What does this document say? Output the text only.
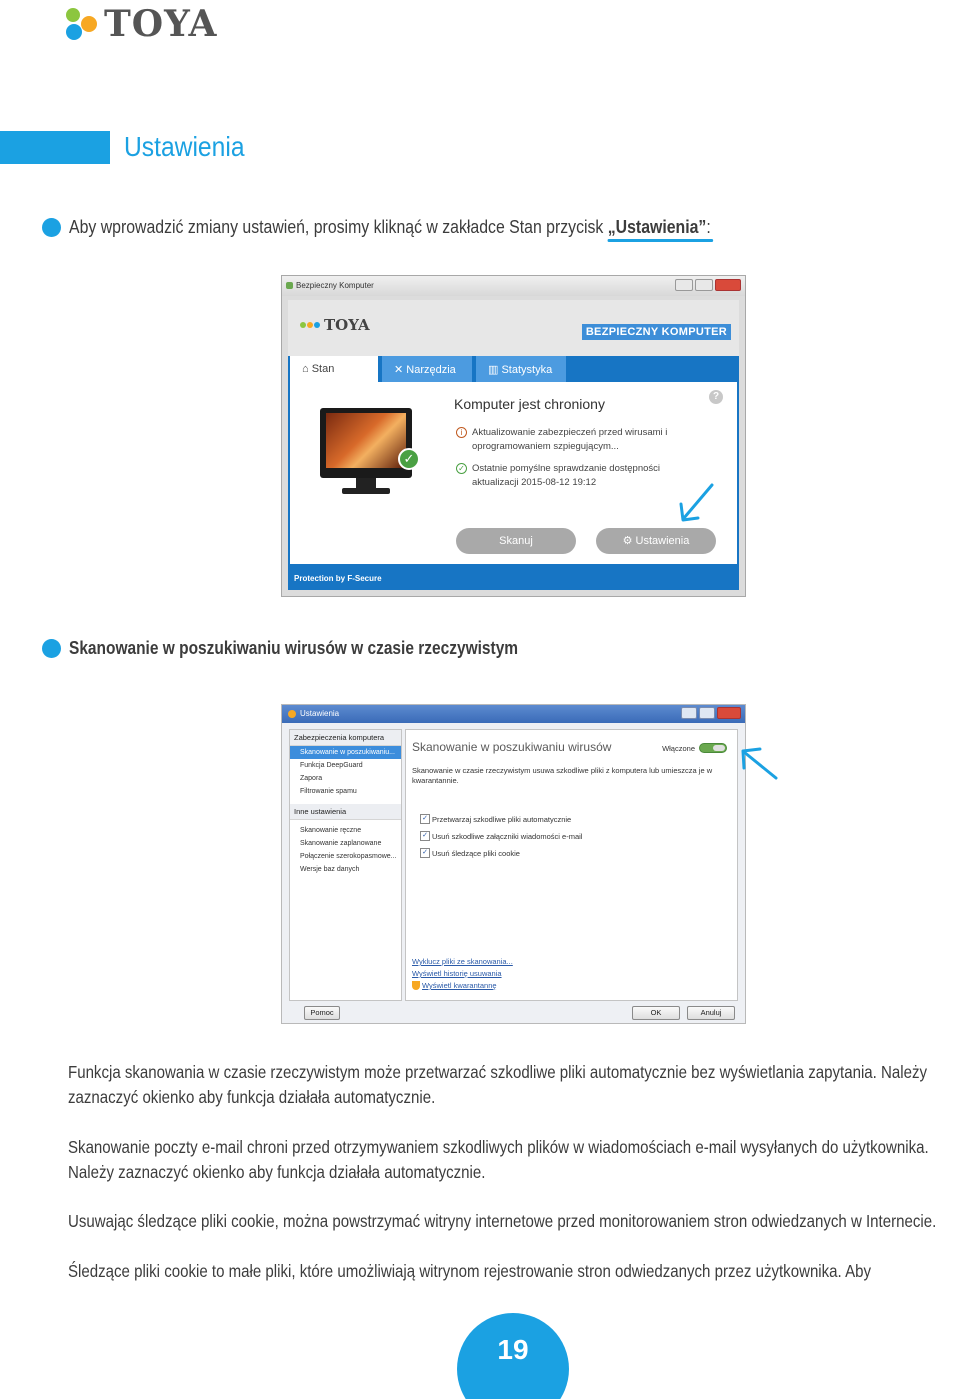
TOYA
Ustawienia
Aby wprowadzić zmiany ustawień, prosimy kliknąć w zakładce Stan przycisk „Ustawienia”:
Bezpieczny Komputer
TOYA	BEZPIECZNY KOMPUTER
⌂ Stan	✕ Narzędzia	▥ Statystyka
✓
Komputer jest chroniony	?
i	Aktualizowanie zabezpieczeń przed wirusami i oprogramowaniem szpiegującym...
✓ Ostatnie pomyślne sprawdzanie dostępności aktualizacji 2015-08-12 19:12
Skanuj	⚙ Ustawienia
Protection by F-Secure
Skanowanie w poszukiwaniu wirusów w czasie rzeczywistym
Ustawienia
Zabezpieczenia komputera
Skanowanie w poszukiwaniu...
Funkcja DeepGuard
Zapora
Filtrowanie spamu
Inne ustawienia
Skanowanie ręczne
Skanowanie zaplanowane
Połączenie szerokopasmowe...
Wersje baz danych
Skanowanie w poszukiwaniu wirusów	Włączone
Skanowanie w czasie rzeczywistym usuwa szkodliwe pliki z komputera lub umieszcza je w kwarantannie.
✓ Przetwarzaj szkodliwe pliki automatycznie
✓ Usuń szkodliwe załączniki wiadomości e-mail
✓ Usuń śledzące pliki cookie
Wyklucz pliki ze skanowania...
Wyświetl historię usuwania
Wyświetl kwarantannę
Pomoc	OK	Anuluj
Funkcja skanowania w czasie rzeczywistym może przetwarzać szkodliwe pliki automatycznie bez wyświetlania zapytania. Należy
zaznaczyć okienko aby funkcja działała automatycznie.
Skanowanie poczty e-mail chroni przed otrzymywaniem szkodliwych plików w wiadomościach e-mail wysyłanych do użytkownika.
Należy zaznaczyć okienko aby funkcja działała automatycznie.
Usuwając śledzące pliki cookie, można powstrzymać witryny internetowe przed monitorowaniem stron odwiedzanych w Internecie.
Śledzące pliki cookie to małe pliki, które umożliwiają witrynom rejestrowanie stron odwiedzanych przez użytkownika. Aby
19
